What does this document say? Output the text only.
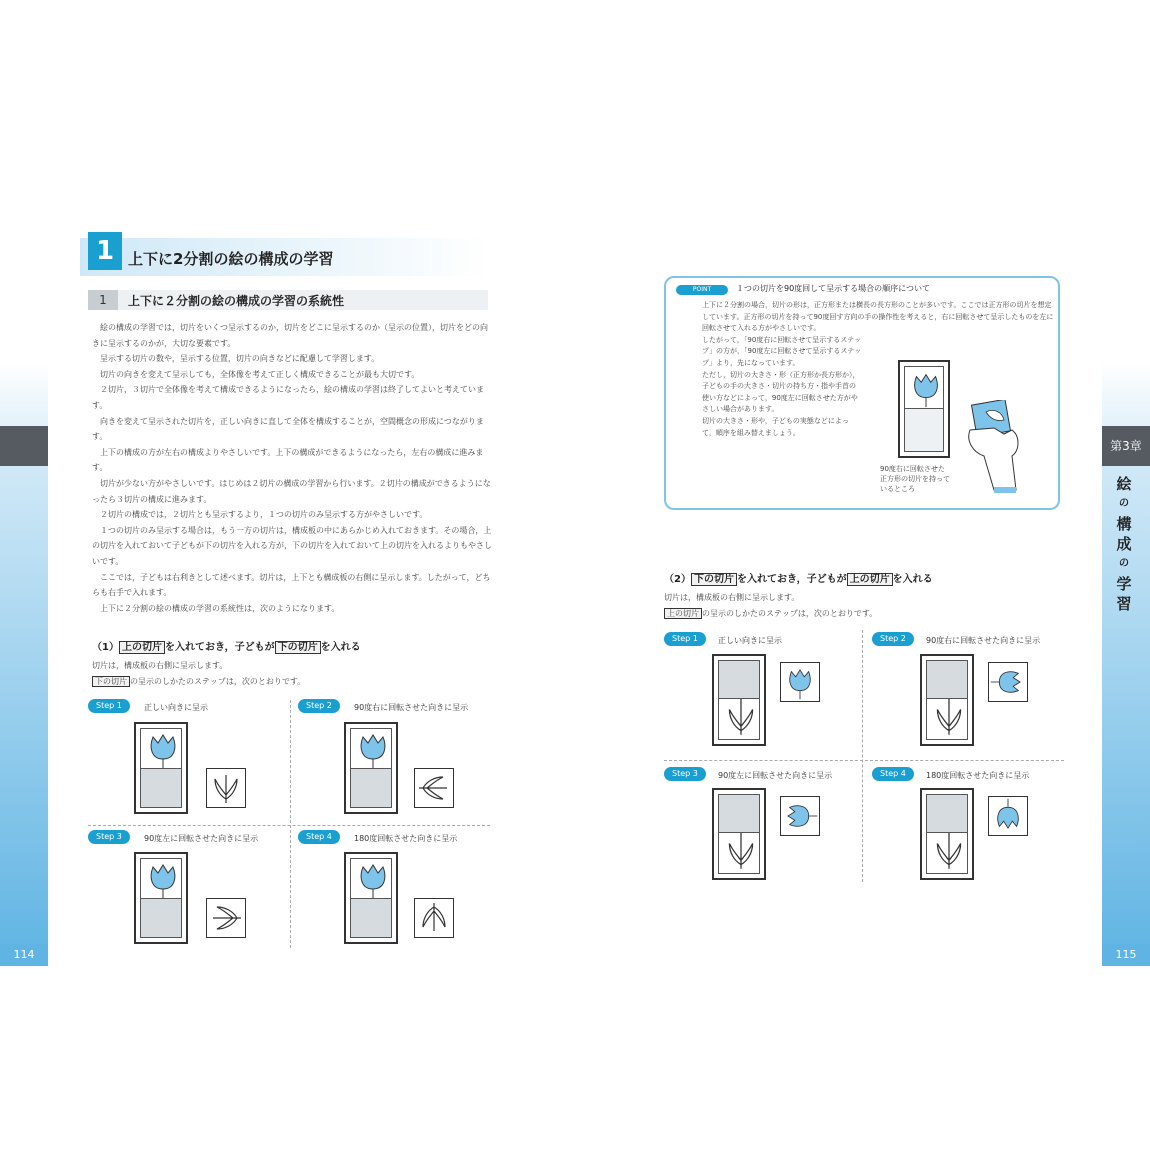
114
第3章
絵
の
構
成
の
学
習
115
1 上下に2分割の絵の構成の学習
1	上下に２分割の絵の構成の学習の系統性

絵の構成の学習では，切片をいくつ呈示するのか，切片をどこに呈示するのか（呈示の位置），切片をどの向きに呈示するのかが，大切な要素です。

呈示する切片の数や，呈示する位置，切片の向きなどに配慮して学習します。

切片の向きを変えて呈示しても，全体像を考えて正しく構成できることが最も大切です。

２切片，３切片で全体像を考えて構成できるようになったら，絵の構成の学習は終了してよいと考えています。

向きを変えて呈示された切片を，正しい向きに直して全体を構成することが，空間概念の形成につながります。

上下の構成の方が左右の構成よりやさしいです。上下の構成ができるようになったら，左右の構成に進みます。

切片が少ない方がやさしいです。はじめは２切片の構成の学習から行います。２切片の構成ができるようになったら３切片の構成に進みます。

２切片の構成では，２切片とも呈示するより，１つの切片のみ呈示する方がやさしいです。

１つの切片のみ呈示する場合は，もう一方の切片は，構成板の中にあらかじめ入れておきます。その場合，上の切片を入れておいて子どもが下の切片を入れる方が，下の切片を入れておいて上の切片を入れるよりもやさしいです。

ここでは，子どもは右利きとして述べます。切片は，上下とも構成板の右側に呈示します。したがって，どちらも右手で入れます。

上下に２分割の絵の構成の学習の系統性は，次のようになります。

（1） 上の切片 を入れておき，子どもが 下の切片 を入れる
切片は，構成板の右側に呈示します。
下の切片 の呈示のしかたのステップは，次のとおりです。
Step 1	正しい向きに呈示	Step 2	90度右に回転させた向きに呈示
Step 3	90度左に回転させた向きに呈示	Step 4	180度回転させた向きに呈示
POINT	１つの切片を90度回して呈示する場合の順序について
上下に２分割の場合，切片の形は，正方形または横長の長方形のことが多いです。ここでは正方形の切片を想定しています。正方形の切片を持って90度回す方向の手の操作性を考えると，右に回転させて呈示したものを左に回転させて入れる方がやさしいです。
したがって，「90度右に回転させて呈示するステップ」の方が，「90度左に回転させて呈示するステップ」より，先になっています。
ただし，切片の大きさ・形（正方形か長方形か），子どもの手の大きさ・切片の持ち方・指や手首の使い方などによって，90度左に回転させた方がやさしい場合があります。
切片の大きさ・形や，子どもの実態などによって，順序を組み替えましょう。
90度右に回転させた
正方形の切片を持って
いるところ
（2） 下の切片 を入れておき，子どもが 上の切片 を入れる
切片は，構成板の右側に呈示します。
上の切片 の呈示のしかたのステップは，次のとおりです。
Step 1	正しい向きに呈示	Step 2	90度右に回転させた向きに呈示
Step 3	90度左に回転させた向きに呈示	Step 4	180度回転させた向きに呈示
